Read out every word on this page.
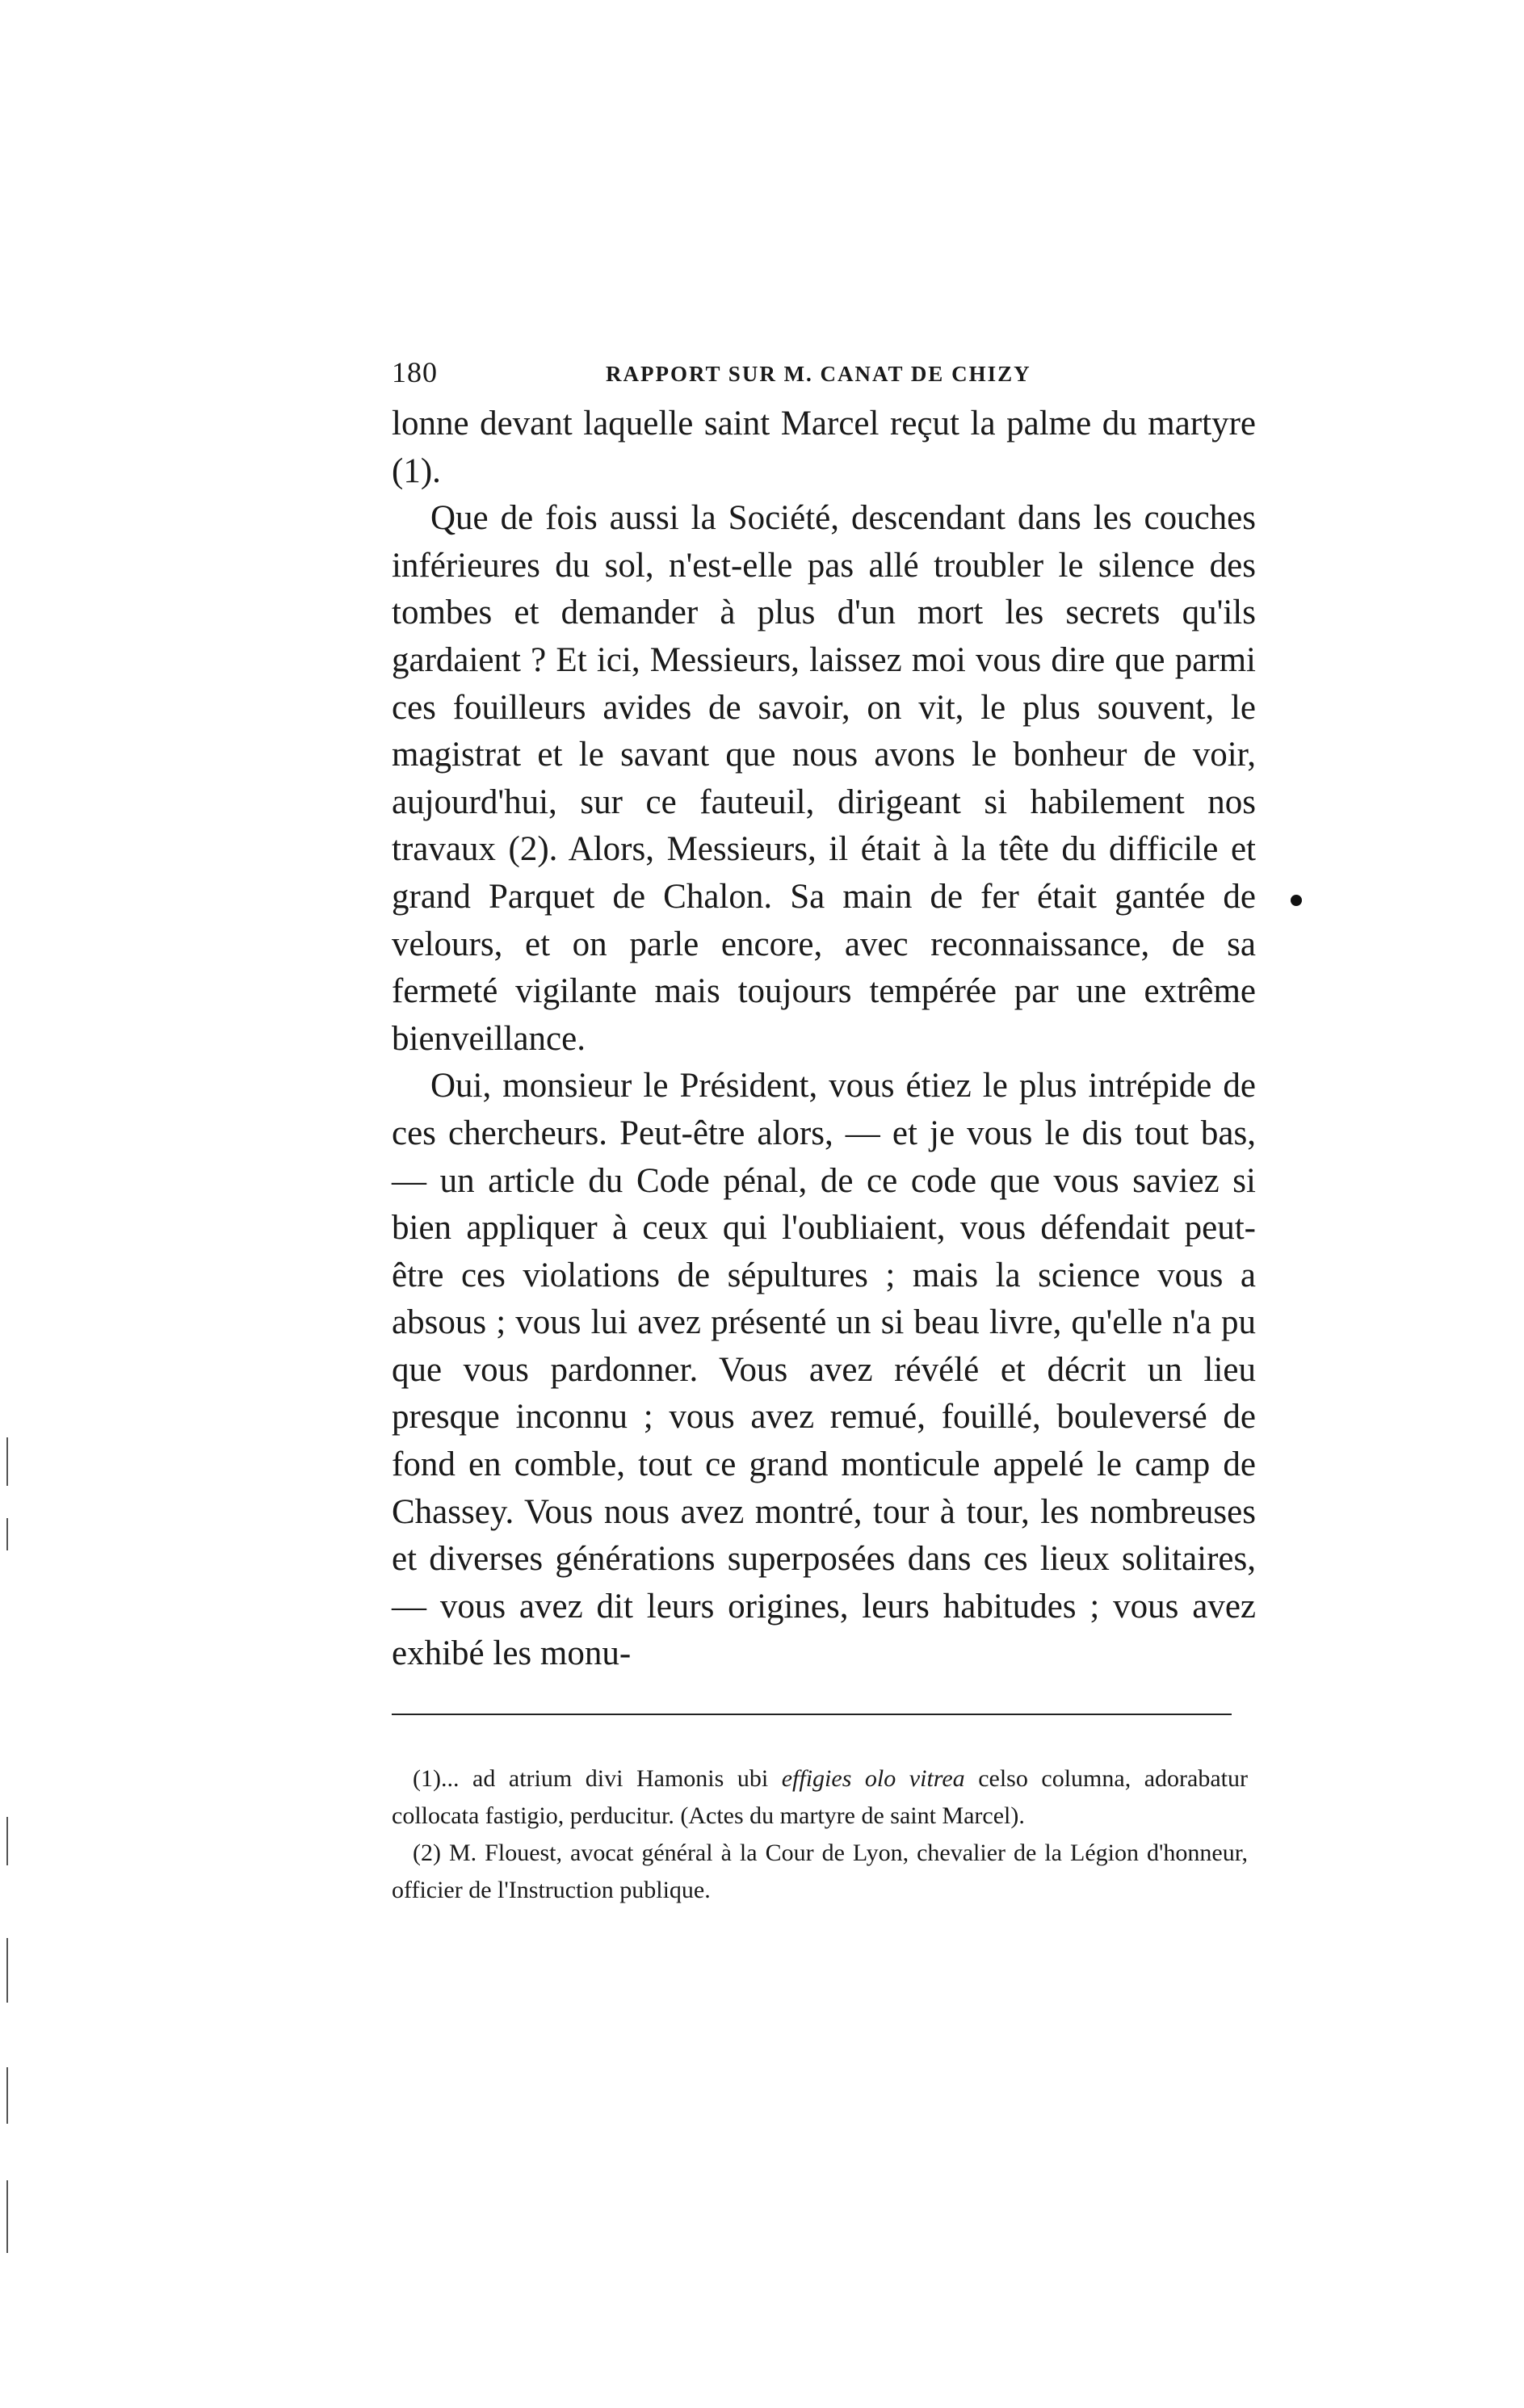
180	RAPPORT SUR M. CANAT DE CHIZY

lonne devant laquelle saint Marcel reçut la palme du martyre (1).

Que de fois aussi la Société, descendant dans les couches inférieures du sol, n'est-elle pas allé troubler le silence des tombes et demander à plus d'un mort les secrets qu'ils gardaient ? Et ici, Messieurs, laissez moi vous dire que parmi ces fouilleurs avides de savoir, on vit, le plus souvent, le magistrat et le savant que nous avons le bonheur de voir, aujourd'hui, sur ce fauteuil, dirigeant si habilement nos travaux (2). Alors, Messieurs, il était à la tête du difficile et grand Parquet de Chalon. Sa main de fer était gantée de velours, et on parle encore, avec reconnaissance, de sa fermeté vigilante mais toujours tempérée par une extrême bienveillance.

Oui, monsieur le Président, vous étiez le plus intrépide de ces chercheurs. Peut-être alors, — et je vous le dis tout bas, — un article du Code pénal, de ce code que vous saviez si bien appliquer à ceux qui l'oubliaient, vous défendait peut-être ces violations de sépultures ; mais la science vous a absous ; vous lui avez présenté un si beau livre, qu'elle n'a pu que vous pardonner. Vous avez révélé et décrit un lieu presque inconnu ; vous avez remué, fouillé, bouleversé de fond en comble, tout ce grand monticule appelé le camp de Chassey. Vous nous avez montré, tour à tour, les nombreuses et diverses générations superposées dans ces lieux solitaires, — vous avez dit leurs origines, leurs habitudes ; vous avez exhibé les monu-

(1)... ad atrium divi Hamonis ubi effigies olo vitrea celso columna, adorabatur collocata fastigio, perducitur. (Actes du martyre de saint Marcel).

(2) M. Flouest, avocat général à la Cour de Lyon, chevalier de la Légion d'honneur, officier de l'Instruction publique.
